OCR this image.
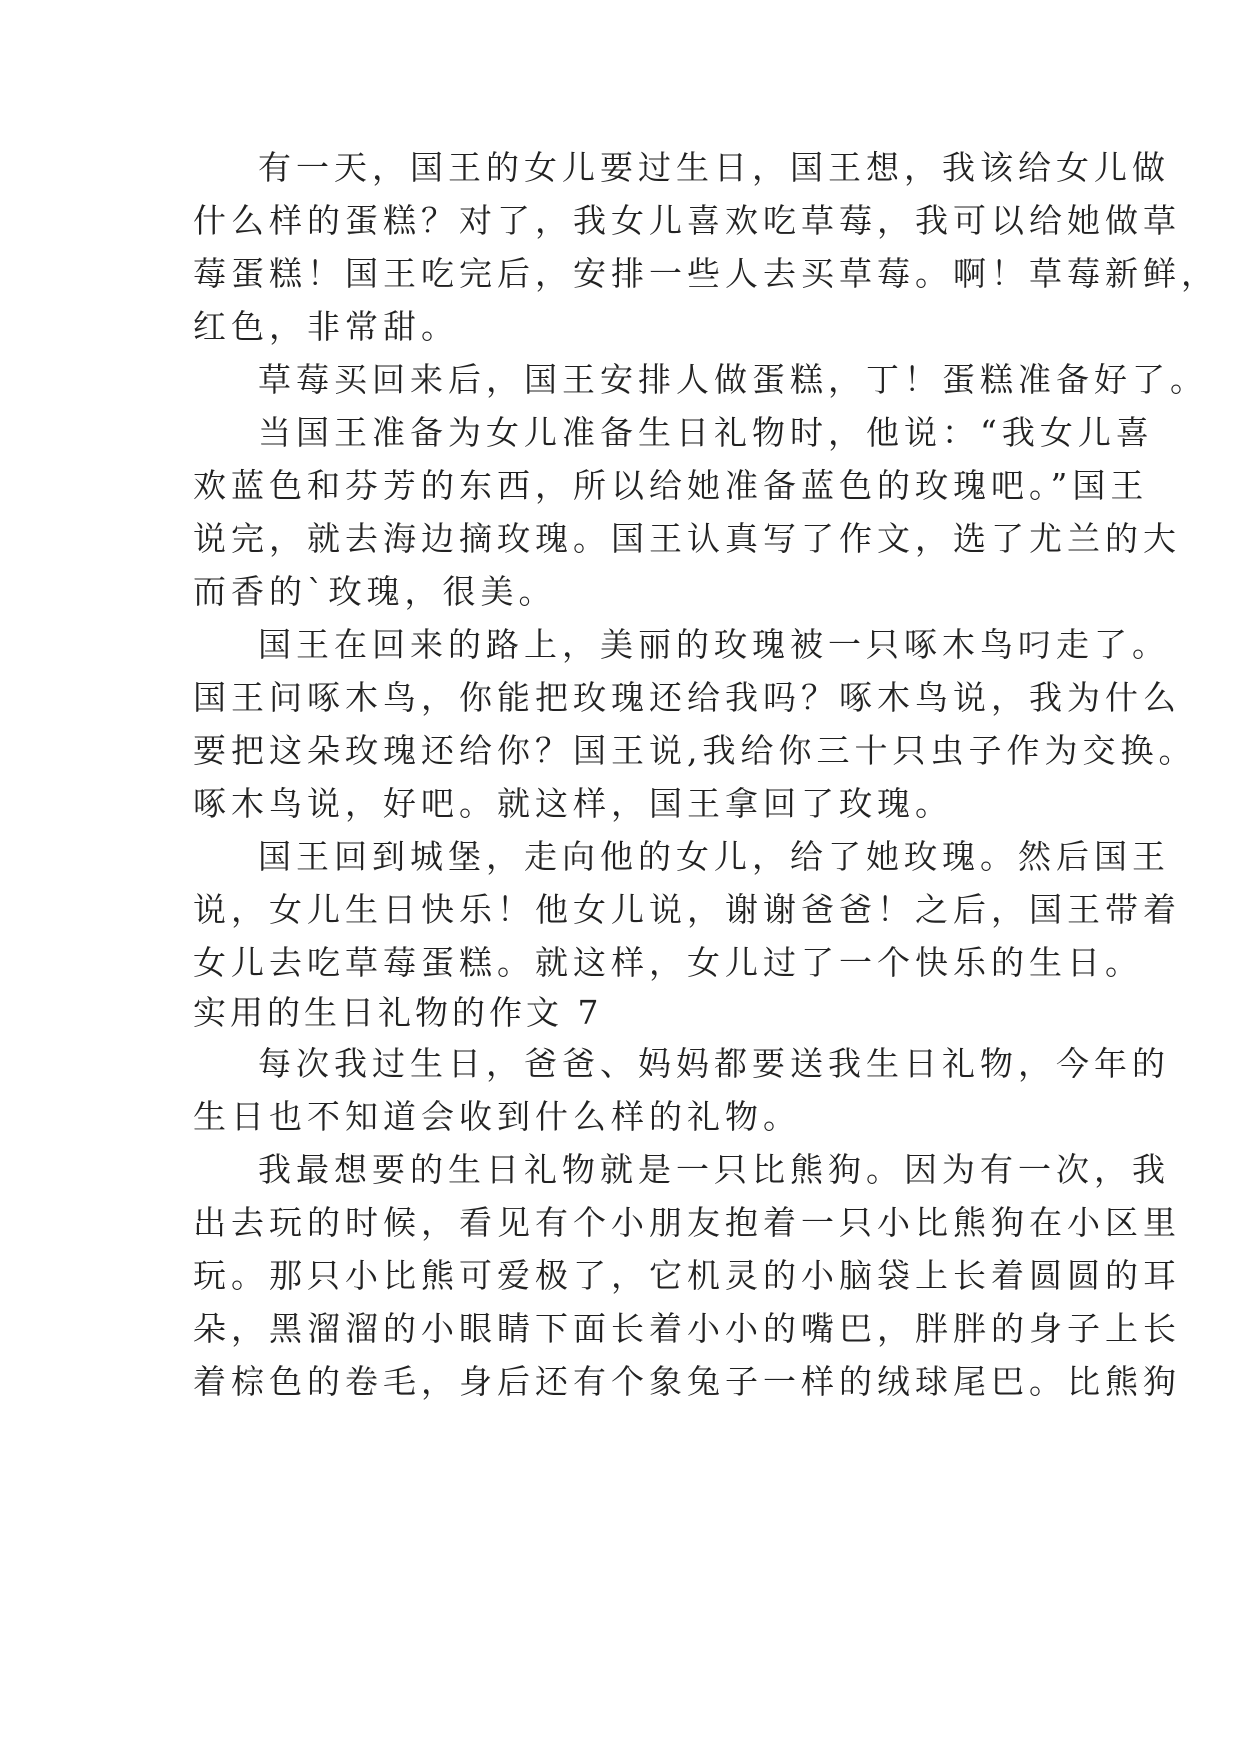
有一天，国王的女儿要过生日，国王想，我该给女儿做
什么样的蛋糕？对了，我女儿喜欢吃草莓，我可以给她做草
莓蛋糕！国王吃完后，安排一些人去买草莓。啊！草莓新鲜，
红色，非常甜。
草莓买回来后，国王安排人做蛋糕，丁！蛋糕准备好了。
当国王准备为女儿准备生日礼物时，他说：“我女儿喜
欢蓝色和芬芳的东西，所以给她准备蓝色的玫瑰吧。”国王
说完，就去海边摘玫瑰。国王认真写了作文，选了尤兰的大
而香的`玫瑰，很美。
国王在回来的路上，美丽的玫瑰被一只啄木鸟叼走了。
国王问啄木鸟，你能把玫瑰还给我吗？啄木鸟说，我为什么
要把这朵玫瑰还给你？国王说,我给你三十只虫子作为交换。
啄木鸟说，好吧。就这样，国王拿回了玫瑰。
国王回到城堡，走向他的女儿，给了她玫瑰。然后国王
说，女儿生日快乐！他女儿说，谢谢爸爸！之后，国王带着
女儿去吃草莓蛋糕。就这样，女儿过了一个快乐的生日。
实用的生日礼物的作文 7
每次我过生日，爸爸、妈妈都要送我生日礼物，今年的
生日也不知道会收到什么样的礼物。
我最想要的生日礼物就是一只比熊狗。因为有一次，我
出去玩的时候，看见有个小朋友抱着一只小比熊狗在小区里
玩。那只小比熊可爱极了，它机灵的小脑袋上长着圆圆的耳
朵，黑溜溜的小眼睛下面长着小小的嘴巴，胖胖的身子上长
着棕色的卷毛，身后还有个象兔子一样的绒球尾巴。比熊狗
